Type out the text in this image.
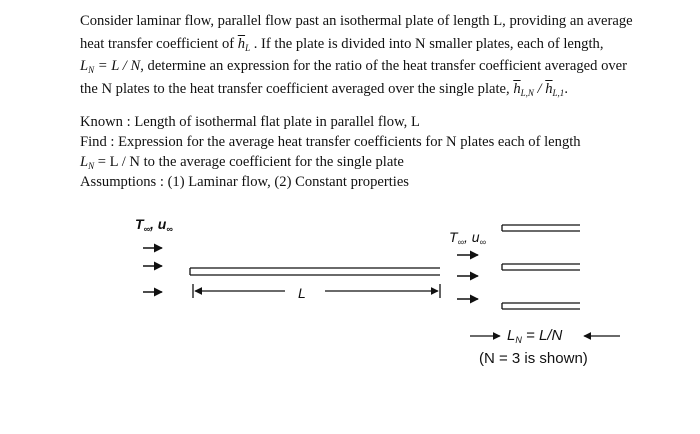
Consider laminar flow, parallel flow past an isothermal plate of length L, providing an average
heat transfer coefficient of $\overline{h}_L$ . If the plate is divided into N smaller plates, each of length,
$L_N = L / N$, determine an expression for the ratio of the heat transfer coefficient averaged over
the N plates to the heat transfer coefficient averaged over the single plate, $\overline{h}_{L,N} / \overline{h}_{L,1}$.
Known : Length of isothermal flat plate in parallel flow, L
Find : Expression for the average heat transfer coefficients for N plates each of length
$L_N = L / N$ to the average coefficient for the single plate
Assumptions : (1) Laminar flow, (2) Constant properties
$T_\infty$, $u_\infty$
L
$T_\infty$, $u_\infty$
$L_N = L/N$
(N = 3 is shown)
